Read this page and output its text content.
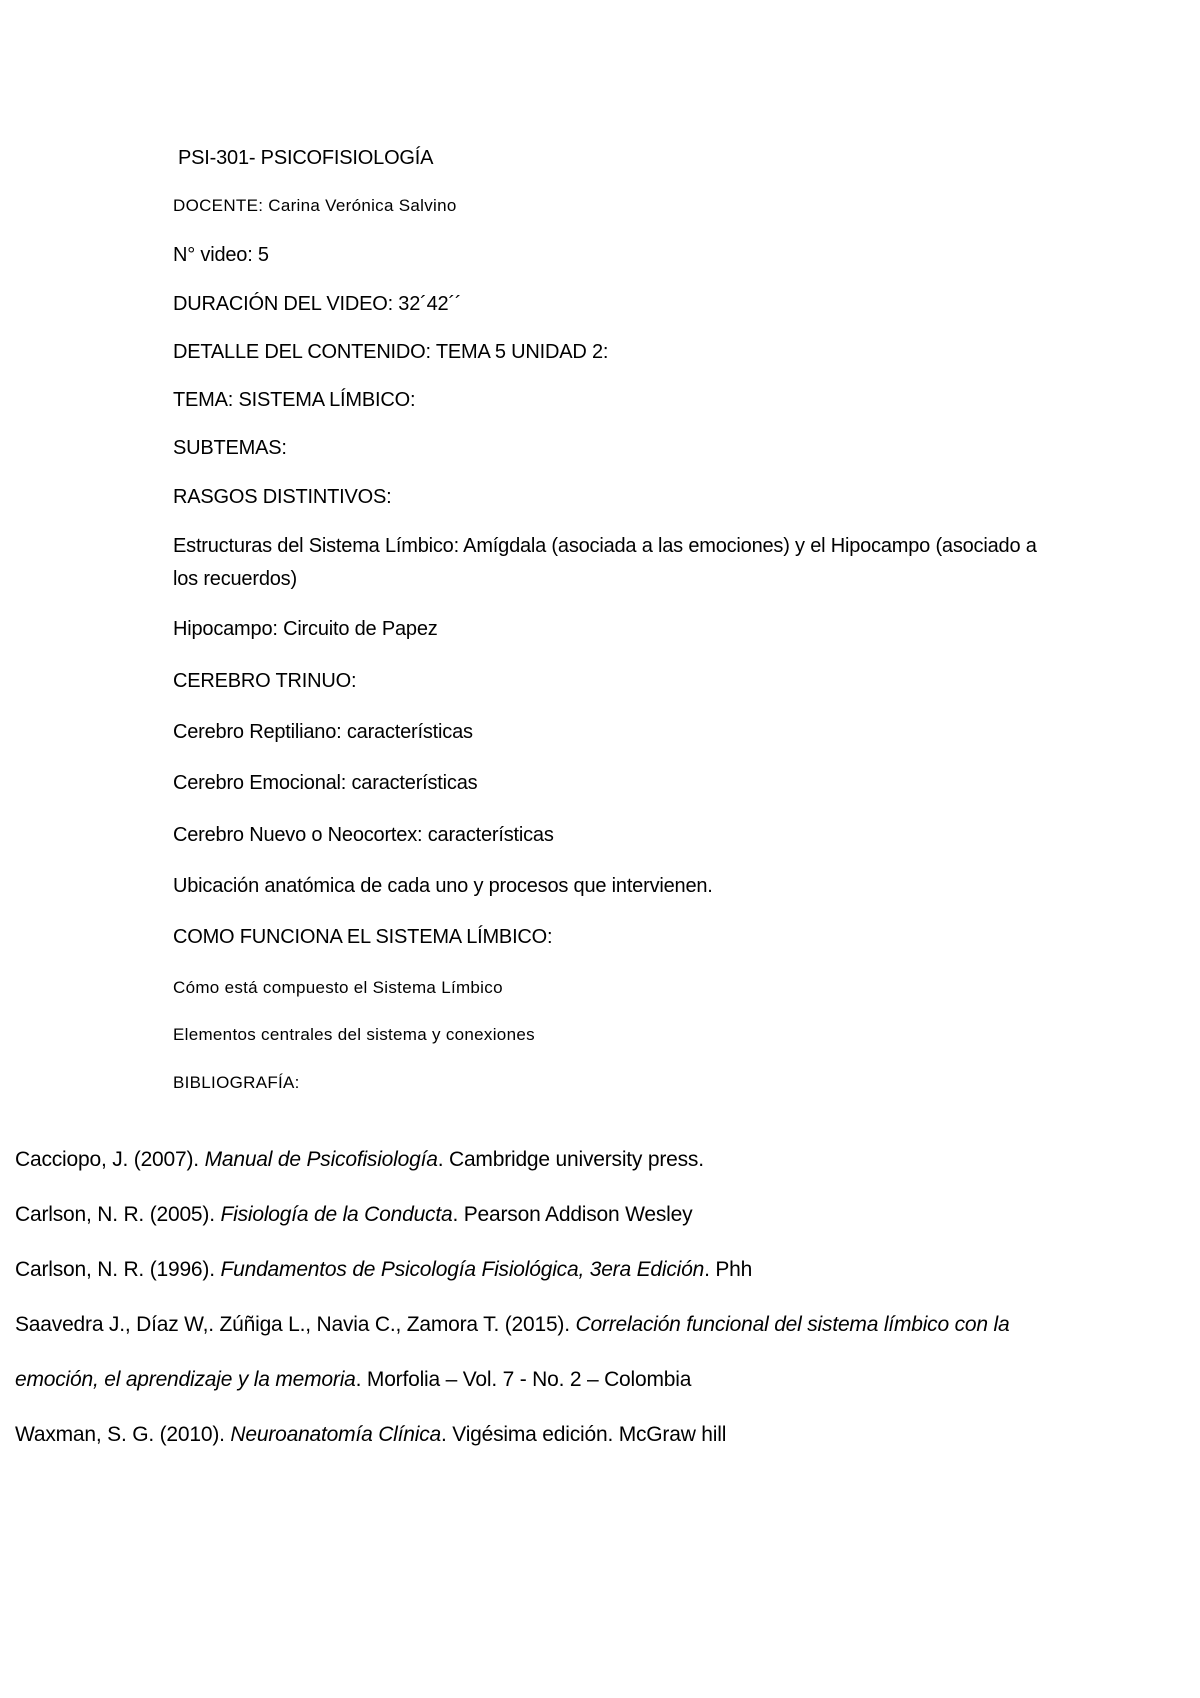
PSI-301- PSICOFISIOLOGÍA

DOCENTE: Carina Verónica Salvino

N° video: 5

DURACIÓN DEL VIDEO: 32´42´´

DETALLE DEL CONTENIDO: TEMA 5 UNIDAD 2:

TEMA: SISTEMA LÍMBICO:

SUBTEMAS:

RASGOS DISTINTIVOS:

Estructuras del Sistema Límbico: Amígdala (asociada a las emociones) y el Hipocampo (asociado a los recuerdos)

Hipocampo: Circuito de Papez

CEREBRO TRINUO:

Cerebro Reptiliano: características

Cerebro Emocional: características

Cerebro Nuevo o Neocortex: características

Ubicación anatómica de cada uno y procesos que intervienen.

COMO FUNCIONA EL SISTEMA LÍMBICO:

Cómo está compuesto el Sistema Límbico

Elementos centrales del sistema y conexiones

BIBLIOGRAFÍA:

Cacciopo, J. (2007). Manual de Psicofisiología. Cambridge university press.

Carlson, N. R. (2005). Fisiología de la Conducta. Pearson Addison Wesley

Carlson, N. R. (1996). Fundamentos de Psicología Fisiológica, 3era Edición. Phh

Saavedra J., Díaz W,. Zúñiga L., Navia C., Zamora T. (2015). Correlación funcional del sistema límbico con la

emoción, el aprendizaje y la memoria. Morfolia – Vol. 7 - No. 2 – Colombia

Waxman, S. G. (2010). Neuroanatomía Clínica. Vigésima edición. McGraw hill
